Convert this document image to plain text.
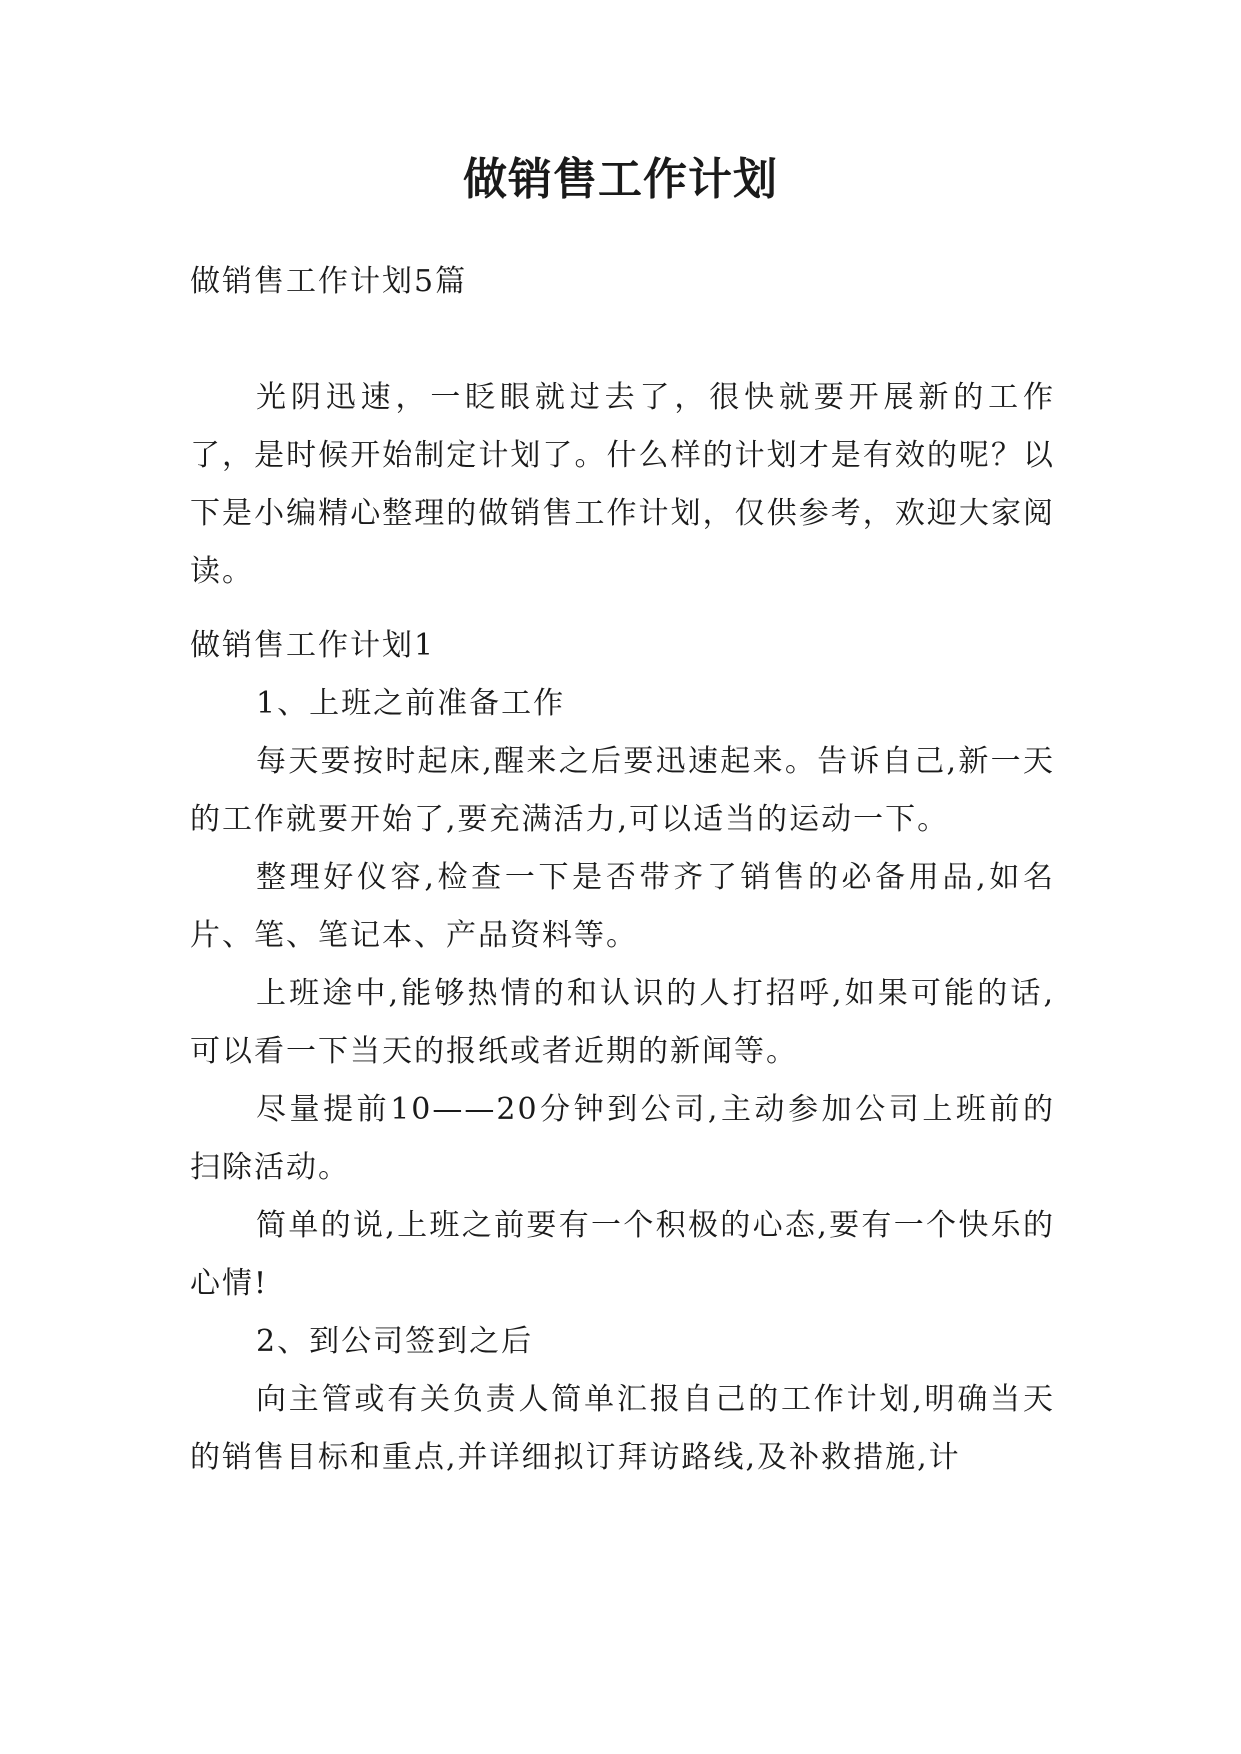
做销售工作计划

做销售工作计划5篇

光阴迅速，一眨眼就过去了，很快就要开展新的工作了，是时候开始制定计划了。什么样的计划才是有效的呢？以下是小编精心整理的做销售工作计划，仅供参考，欢迎大家阅读。

做销售工作计划1

1、上班之前准备工作

每天要按时起床,醒来之后要迅速起来。告诉自己,新一天的工作就要开始了,要充满活力,可以适当的运动一下。

整理好仪容,检查一下是否带齐了销售的必备用品,如名片、笔、笔记本、产品资料等。

上班途中,能够热情的和认识的人打招呼,如果可能的话,可以看一下当天的报纸或者近期的新闻等。

尽量提前10——20分钟到公司,主动参加公司上班前的扫除活动。

简单的说,上班之前要有一个积极的心态,要有一个快乐的心情!

2、到公司签到之后

向主管或有关负责人简单汇报自己的工作计划,明确当天的销售目标和重点,并详细拟订拜访路线,及补救措施,计
